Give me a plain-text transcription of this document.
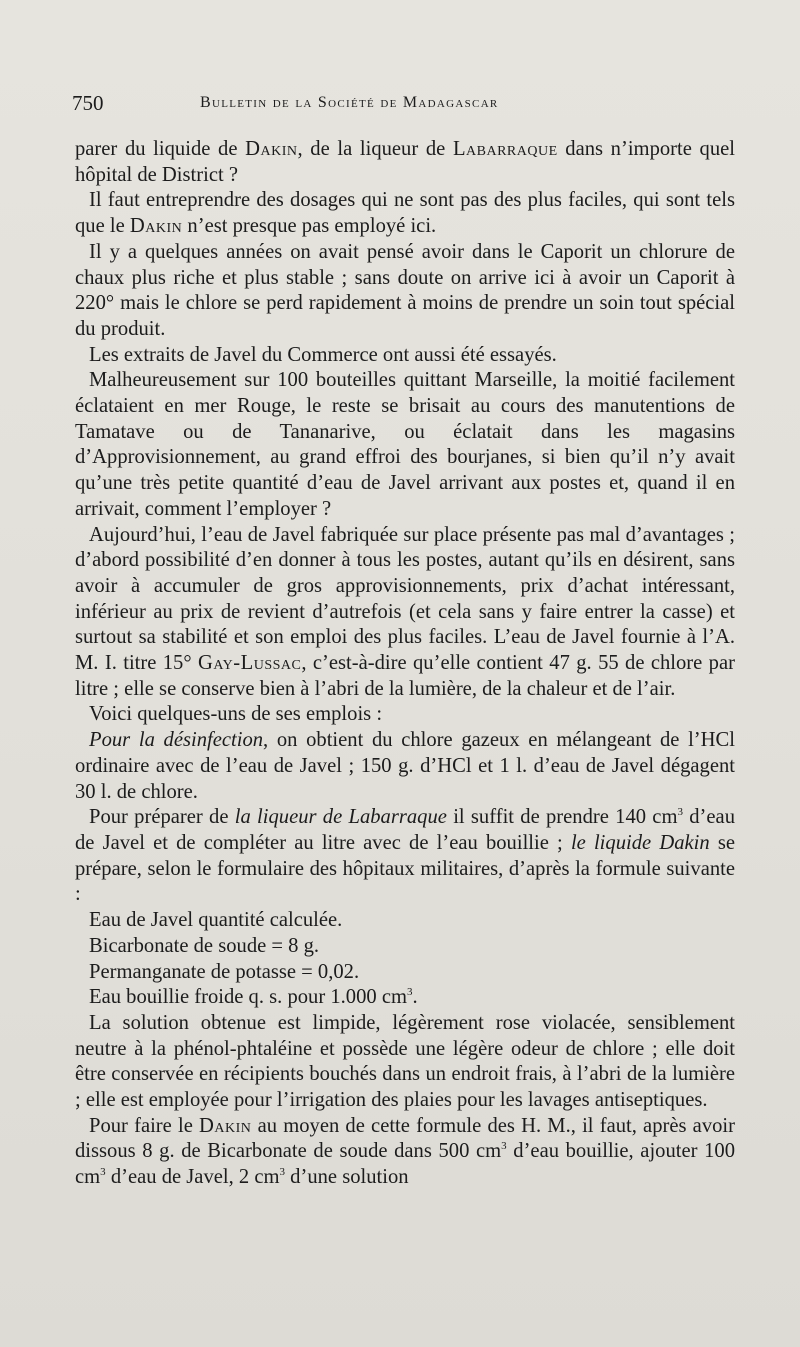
750	Bulletin de la Société de Madagascar

parer du liquide de Dakin, de la liqueur de Labarraque dans n’importe quel hôpital de District ?

Il faut entreprendre des dosages qui ne sont pas des plus faciles, qui sont tels que le Dakin n’est presque pas employé ici.

Il y a quelques années on avait pensé avoir dans le Caporit un chlorure de chaux plus riche et plus stable ; sans doute on arrive ici à avoir un Caporit à 220° mais le chlore se perd rapidement à moins de prendre un soin tout spécial du produit.

Les extraits de Javel du Commerce ont aussi été essayés.

Malheureusement sur 100 bouteilles quittant Marseille, la moitié facilement éclataient en mer Rouge, le reste se brisait au cours des manutentions de Tamatave ou de Tananarive, ou éclatait dans les magasins d’Approvisionnement, au grand effroi des bourjanes, si bien qu’il n’y avait qu’une très petite quantité d’eau de Javel arrivant aux postes et, quand il en arrivait, comment l’employer ?

Aujourd’hui, l’eau de Javel fabriquée sur place présente pas mal d’avantages ; d’abord possibilité d’en donner à tous les postes, autant qu’ils en désirent, sans avoir à accumuler de gros approvisionnements, prix d’achat intéressant, inférieur au prix de revient d’autrefois (et cela sans y faire entrer la casse) et surtout sa stabilité et son emploi des plus faciles. L’eau de Javel fournie à l’A. M. I. titre 15° Gay-Lussac, c’est-à-dire qu’elle contient 47 g. 55 de chlore par litre ; elle se conserve bien à l’abri de la lumière, de la chaleur et de l’air.

Voici quelques-uns de ses emplois :

Pour la désinfection, on obtient du chlore gazeux en mélangeant de l’HCl ordinaire avec de l’eau de Javel ; 150 g. d’HCl et 1 l. d’eau de Javel dégagent 30 l. de chlore.

Pour préparer de la liqueur de Labarraque il suffit de prendre 140 $cm^3$ d’eau de Javel et de compléter au litre avec de l’eau bouillie ; le liquide Dakin se prépare, selon le formulaire des hôpitaux militaires, d’après la formule suivante :

Eau de Javel quantité calculée.

Bicarbonate de soude = 8 g.

Permanganate de potasse = 0,02.

Eau bouillie froide q. s. pour 1.000 $cm^3$.

La solution obtenue est limpide, légèrement rose violacée, sensiblement neutre à la phénol-phtaléine et possède une légère odeur de chlore ; elle doit être conservée en récipients bouchés dans un endroit frais, à l’abri de la lumière ; elle est employée pour l’irrigation des plaies pour les lavages antiseptiques.

Pour faire le Dakin au moyen de cette formule des H. M., il faut, après avoir dissous 8 g. de Bicarbonate de soude dans 500 $cm^3$ d’eau bouillie, ajouter 100 $cm^3$ d’eau de Javel, 2 $cm^3$ d’une solution
